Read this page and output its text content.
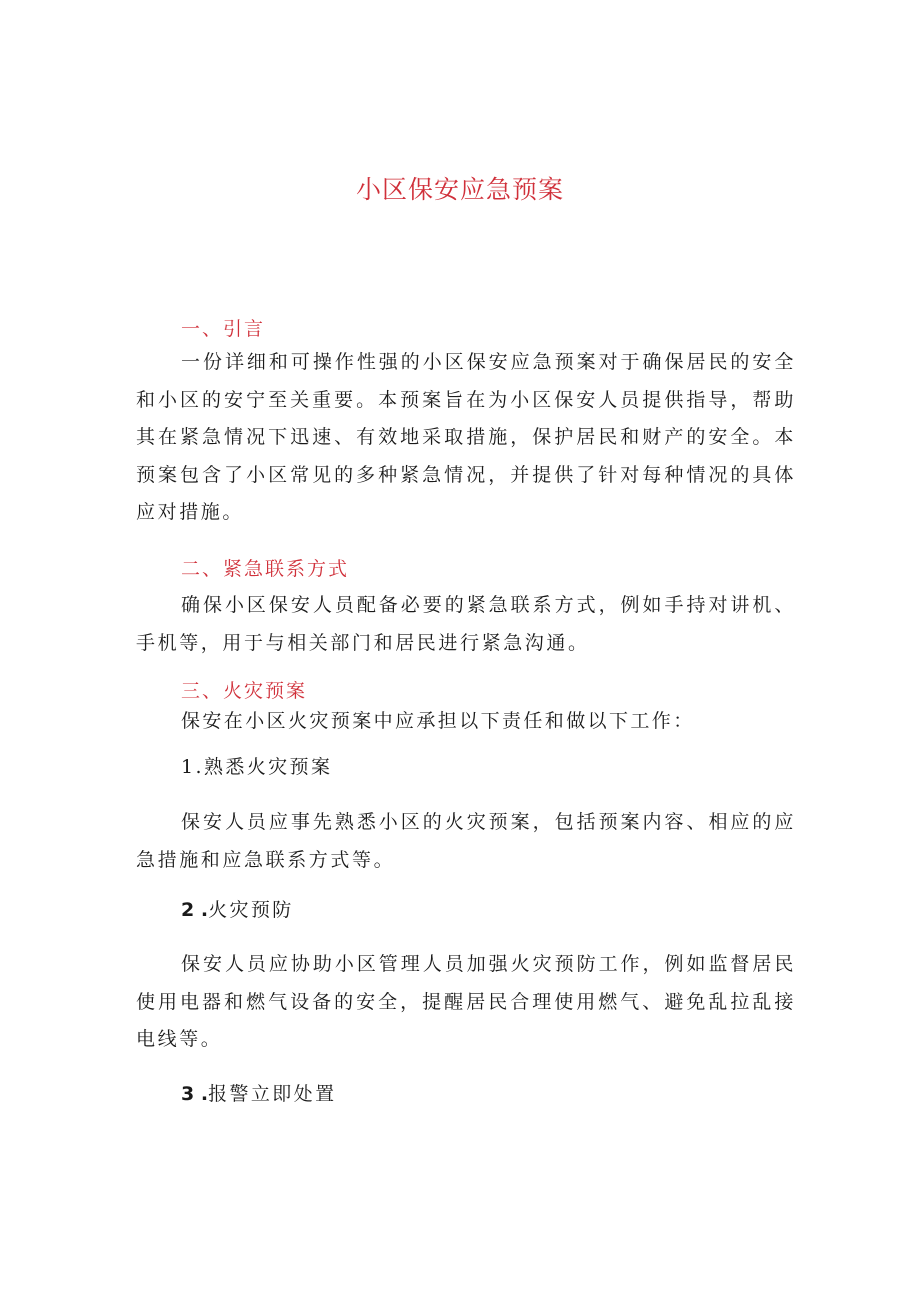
小区保安应急预案
一、引言

一份详细和可操作性强的小区保安应急预案对于确保居民的安全和小区的安宁至关重要。本预案旨在为小区保安人员提供指导，帮助其在紧急情况下迅速、有效地采取措施，保护居民和财产的安全。本预案包含了小区常见的多种紧急情况，并提供了针对每种情况的具体应对措施。

二、紧急联系方式

确保小区保安人员配备必要的紧急联系方式，例如手持对讲机、手机等，用于与相关部门和居民进行紧急沟通。

三、火灾预案
保安在小区火灾预案中应承担以下责任和做以下工作：
1.熟悉火灾预案

保安人员应事先熟悉小区的火灾预案，包括预案内容、相应的应急措施和应急联系方式等。

2 .火灾预防

保安人员应协助小区管理人员加强火灾预防工作，例如监督居民使用电器和燃气设备的安全，提醒居民合理使用燃气、避免乱拉乱接电线等。

3 .报警立即处置
